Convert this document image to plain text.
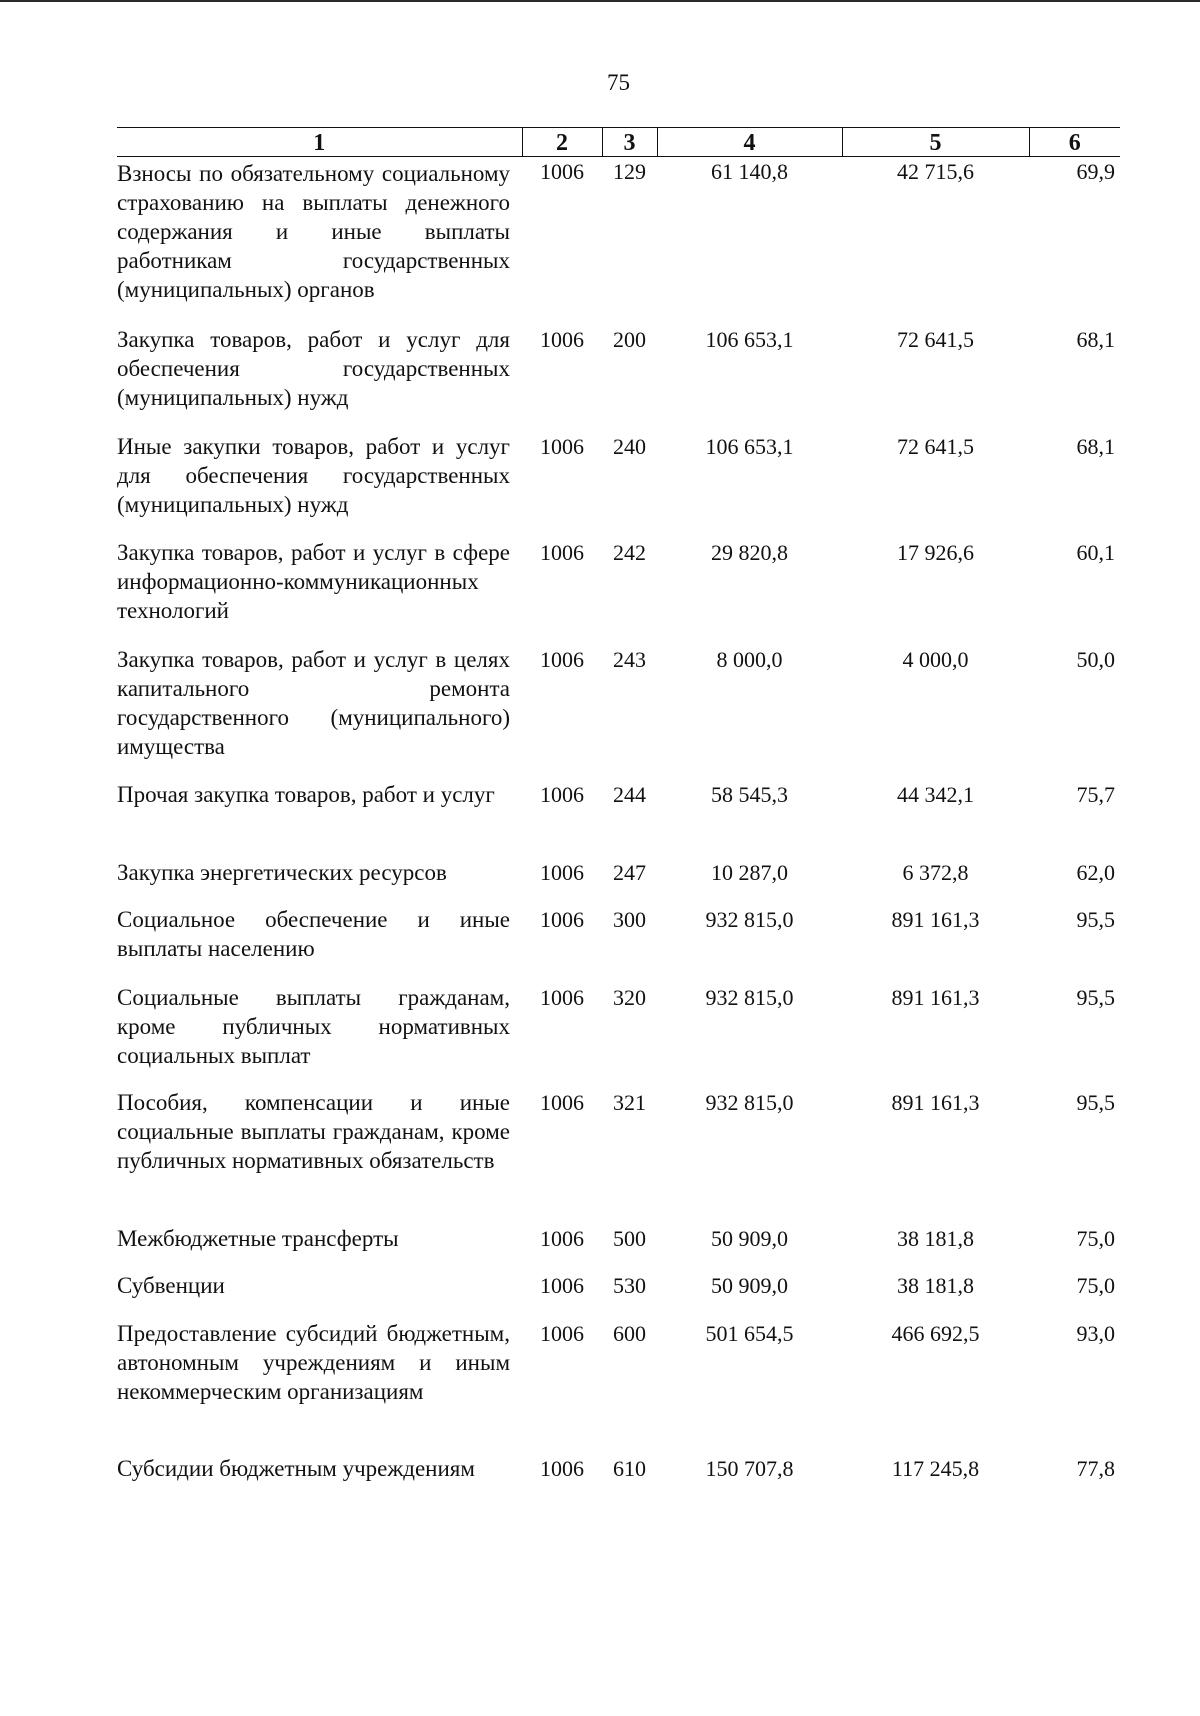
75
1	2	3	4	5	6
Взносы по обязательному социальному страхованию на выплаты денежного содержания и иные выплаты работникам государственных (муниципальных) органов	1006	129	61 140,8	42 715,6	69,9
Закупка товаров, работ и услуг для обеспечения государственных (муниципальных) нужд	1006	200	106 653,1	72 641,5	68,1
Иные закупки товаров, работ и услуг для обеспечения государственных (муниципальных) нужд	1006	240	106 653,1	72 641,5	68,1
Закупка товаров, работ и услуг в сфере информационно-коммуникационных технологий	1006	242	29 820,8	17 926,6	60,1
Закупка товаров, работ и услуг в целях капитального ремонта государственного (муниципального) имущества	1006	243	8 000,0	4 000,0	50,0
Прочая закупка товаров, работ и услуг	1006	244	58 545,3	44 342,1	75,7
Закупка энергетических ресурсов	1006	247	10 287,0	6 372,8	62,0
Социальное обеспечение и иные выплаты населению	1006	300	932 815,0	891 161,3	95,5
Социальные выплаты гражданам, кроме публичных нормативных социальных выплат	1006	320	932 815,0	891 161,3	95,5
Пособия, компенсации и иные социальные выплаты гражданам, кроме публичных нормативных обязательств	1006	321	932 815,0	891 161,3	95,5
Межбюджетные трансферты	1006	500	50 909,0	38 181,8	75,0
Субвенции	1006	530	50 909,0	38 181,8	75,0
Предоставление субсидий бюджетным, автономным учреждениям и иным некоммерческим организациям	1006	600	501 654,5	466 692,5	93,0
Субсидии бюджетным учреждениям	1006	610	150 707,8	117 245,8	77,8
